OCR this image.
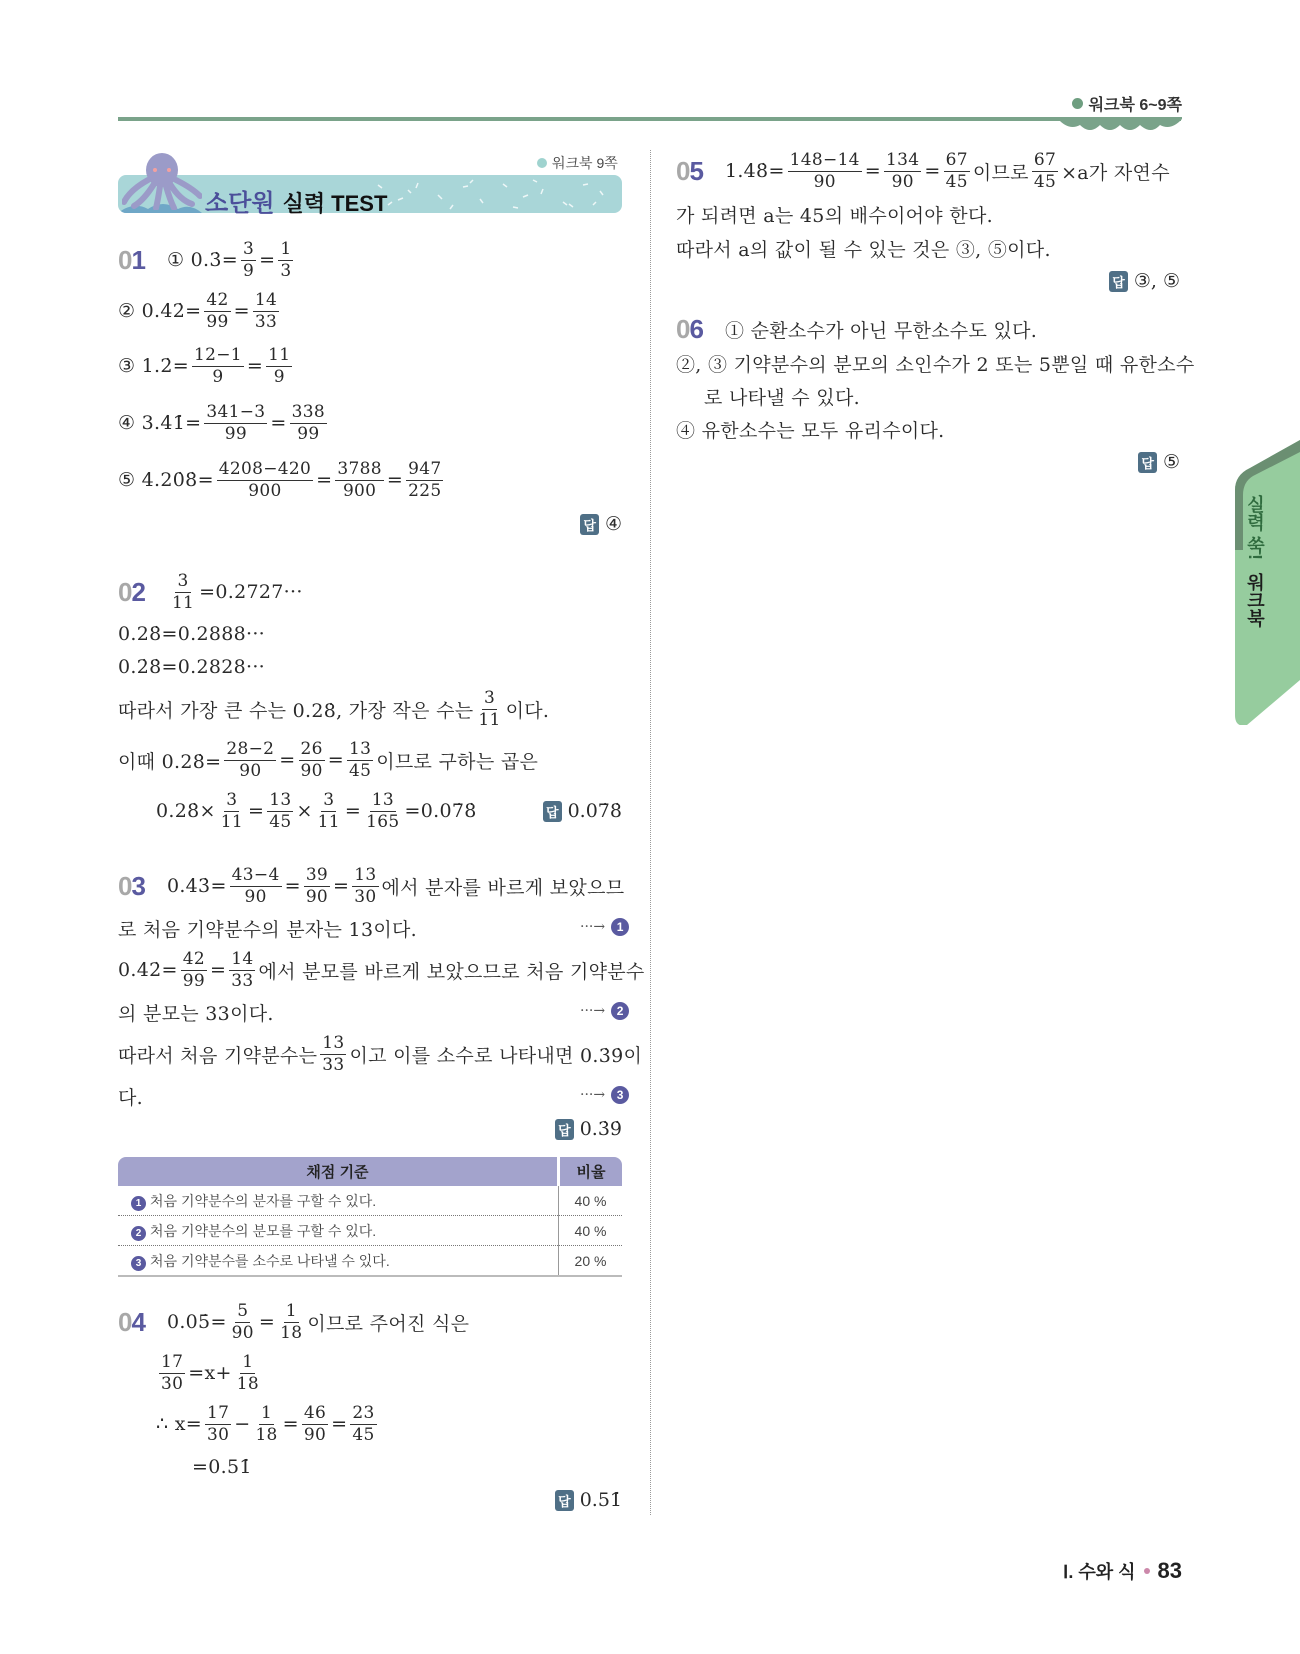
워크북 6~9쪽
워크북 9쪽
소단원 실력 TEST
01 ① 0.3̇= $\frac{3}{9} = \frac{1}{3}$
② 0.4̇2̇= $\frac{42}{99} = \frac{14}{33}$
③ 1.2̇= $\frac{12-1}{9} = \frac{11}{9}$
④ 3.4̇1̇= $\frac{341-3}{99} = \frac{338}{99}$
⑤ 4.20̇8̇= $\frac{4208-420}{900} = \frac{3788}{900} = \frac{947}{225}$
답 ④
$02 \frac{3}{11} =0.2727\cdot\cdot\cdot$
0.28̇=0.2888···
0.2̇8̇=0.2828···
따라서 가장 큰 수는 0.28̇, 가장 작은 수는 $\frac{3}{11}$ 이다.
이때 0.28̇= $\frac{28-2}{90} = \frac{26}{90} = \frac{13}{45}$ 이므로 구하는 곱은
0.28̇× $\frac{3}{11} = \frac{13}{45} \times \frac{3}{11} = \frac{13}{165}$ =0.07̇8̇	답 0.07̇8̇
03 0.43̇= $\frac{43-4}{90} = \frac{39}{90} = \frac{13}{30}$ 에서 분자를 바르게 보았으므
로 처음 기약분수의 분자는 13이다.	···→ 1
0.4̇2̇= $\frac{42}{99} = \frac{14}{33}$ 에서 분모를 바르게 보았으므로 처음 기약분수
의 분모는 33이다.	···→ 2
따라서 처음 기약분수는 $\frac{13}{33}$ 이고 이를 소수로 나타내면 0.3̇9̇이
다.	···→ 3
답 0.3̇9̇
04 0.05̇= $\frac{5}{90} = \frac{1}{18}$ 이므로 주어진 식은
$\frac{17}{30} =x+ \frac{1}{18}$
∴ $x= \frac{17}{30} - \frac{1}{18} = \frac{46}{90} = \frac{23}{45}$
=0.51̇
답 0.51̇
05 1.48̇= $\frac{148-14}{90} = \frac{134}{90} = \frac{67}{45}$ 이므로 $\frac{67}{45} \times a$가 자연수
가 되려면 a는 45의 배수이어야 한다.
따라서 a의 값이 될 수 있는 것은 ③, ⑤이다.
답 ③, ⑤
06 ① 순환소수가 아닌 무한소수도 있다.
②, ③ 기약분수의 분모의 소인수가 2 또는 5뿐일 때 유한소수
로 나타낼 수 있다.
④ 유한소수는 모두 유리수이다.
답 ⑤
채점 기준	비율
1 처음 기약분수의 분자를 구할 수 있다.	40 %
2 처음 기약분수의 분모를 구할 수 있다.	40 %
3 처음 기약분수를 소수로 나타낼 수 있다.	20 %
실력 쑥! 워크북
Ⅰ. 수와 식 83
